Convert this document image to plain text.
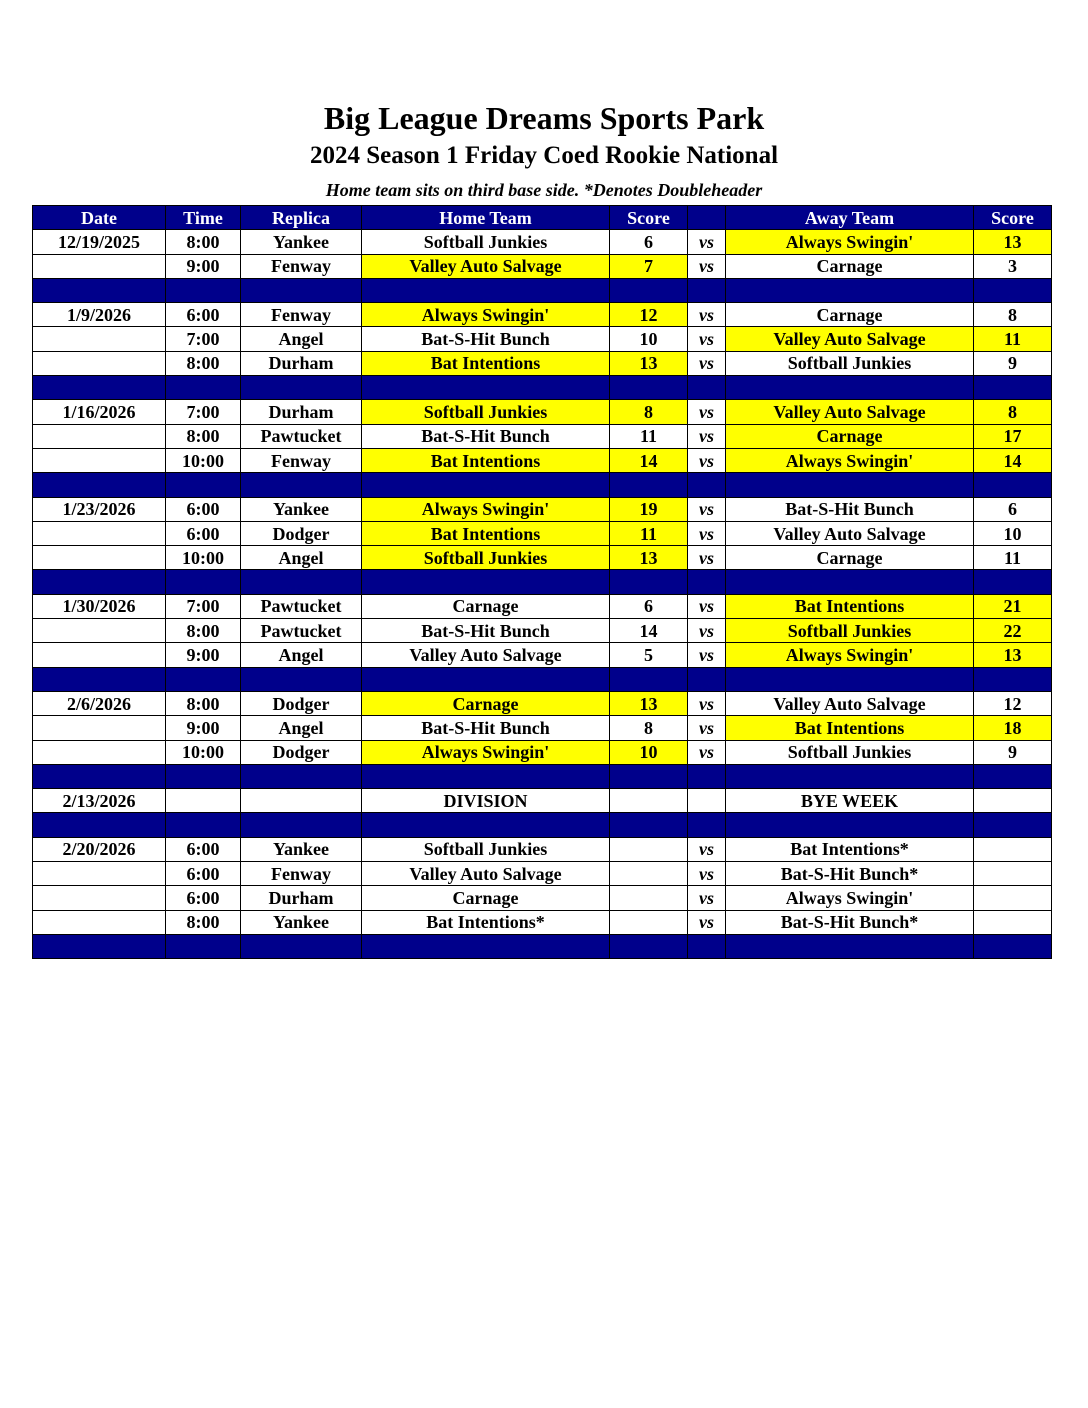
Big League Dreams Sports Park
2024 Season 1 Friday Coed Rookie National
Home team sits on third base side. *Denotes Doubleheader
Date	Time	Replica	Home Team	Score		Away Team	Score
12/19/2025	8:00	Yankee	Softball Junkies	6	vs	Always Swingin'	13
	9:00	Fenway	Valley Auto Salvage	7	vs	Carnage	3

1/9/2026	6:00	Fenway	Always Swingin'	12	vs	Carnage	8
	7:00	Angel	Bat-S-Hit Bunch	10	vs	Valley Auto Salvage	11
	8:00	Durham	Bat Intentions	13	vs	Softball Junkies	9

1/16/2026	7:00	Durham	Softball Junkies	8	vs	Valley Auto Salvage	8
	8:00	Pawtucket	Bat-S-Hit Bunch	11	vs	Carnage	17
	10:00	Fenway	Bat Intentions	14	vs	Always Swingin'	14

1/23/2026	6:00	Yankee	Always Swingin'	19	vs	Bat-S-Hit Bunch	6
	6:00	Dodger	Bat Intentions	11	vs	Valley Auto Salvage	10
	10:00	Angel	Softball Junkies	13	vs	Carnage	11

1/30/2026	7:00	Pawtucket	Carnage	6	vs	Bat Intentions	21
	8:00	Pawtucket	Bat-S-Hit Bunch	14	vs	Softball Junkies	22
	9:00	Angel	Valley Auto Salvage	5	vs	Always Swingin'	13

2/6/2026	8:00	Dodger	Carnage	13	vs	Valley Auto Salvage	12
	9:00	Angel	Bat-S-Hit Bunch	8	vs	Bat Intentions	18
	10:00	Dodger	Always Swingin'	10	vs	Softball Junkies	9

2/13/2026			DIVISION			BYE WEEK	

2/20/2026	6:00	Yankee	Softball Junkies		vs	Bat Intentions*	
	6:00	Fenway	Valley Auto Salvage		vs	Bat-S-Hit Bunch*	
	6:00	Durham	Carnage		vs	Always Swingin'	
	8:00	Yankee	Bat Intentions*		vs	Bat-S-Hit Bunch*	
